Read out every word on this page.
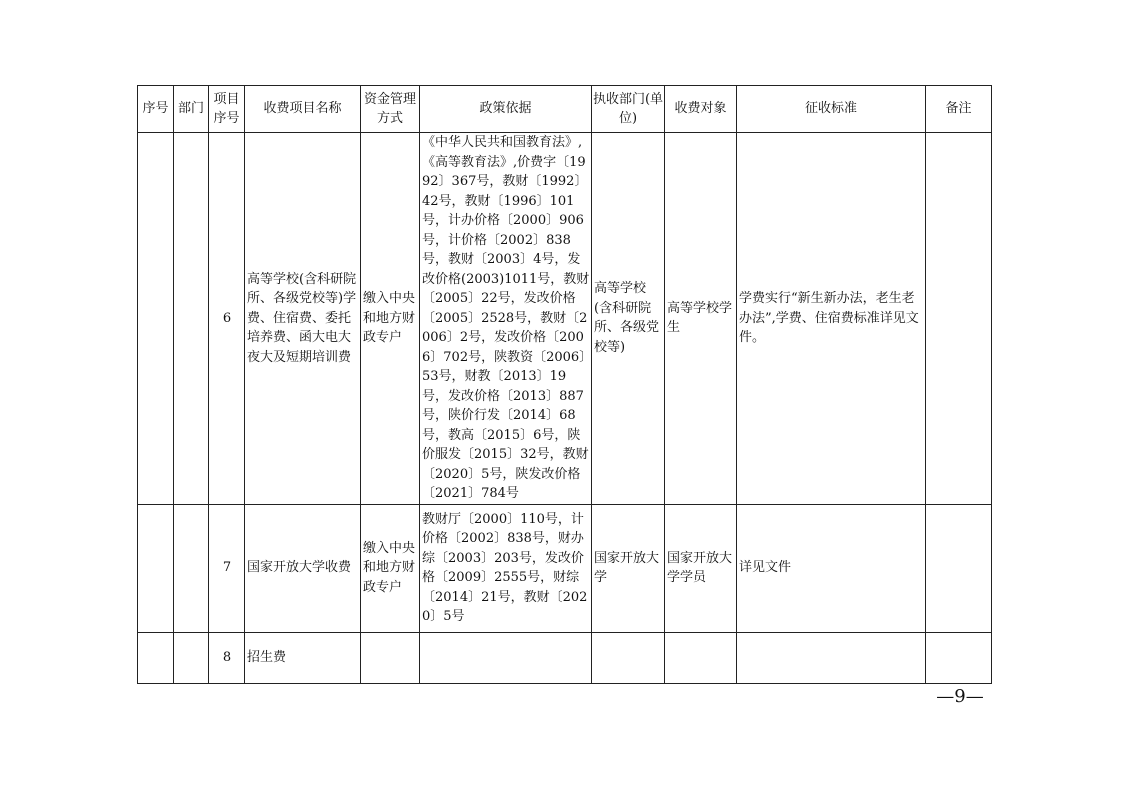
序号	部门	项目序号	收费项目名称	资金管理方式	政策依据	执收部门(单位)	收费对象	征收标准	备注
		6	高等学校(含科研院所、各级党校等)学费、住宿费、委托培养费、函大电大夜大及短期培训费	缴入中央和地方财政专户	《中华人民共和国教育法》,《高等教育法》,价费字〔1992〕367号，教财〔1992〕42号，教财〔1996〕101号，计办价格〔2000〕906号，计价格〔2002〕838号，教财〔2003〕4号，发改价格(2003)1011号，教财〔2005〕22号，发改价格〔2005〕2528号，教财〔2006〕2号，发改价格〔2006〕702号，陕教资〔2006〕53号，财教〔2013〕19号，发改价格〔2013〕887号，陕价行发〔2014〕68号，教高〔2015〕6号，陕价服发〔2015〕32号，教财〔2020〕5号，陕发改价格〔2021〕784号	高等学校(含科研院所、各级党校等)	高等学校学生	学费实行“新生新办法，老生老办法”,学费、住宿费标准详见文件。	
		7	国家开放大学收费	缴入中央和地方财政专户	教财厅〔2000〕110号，计价格〔2002〕838号，财办综〔2003〕203号，发改价格〔2009〕2555号，财综〔2014〕21号，教财〔2020〕5号	国家开放大学	国家开放大学学员	详见文件	
		8	招生费						
—9—
